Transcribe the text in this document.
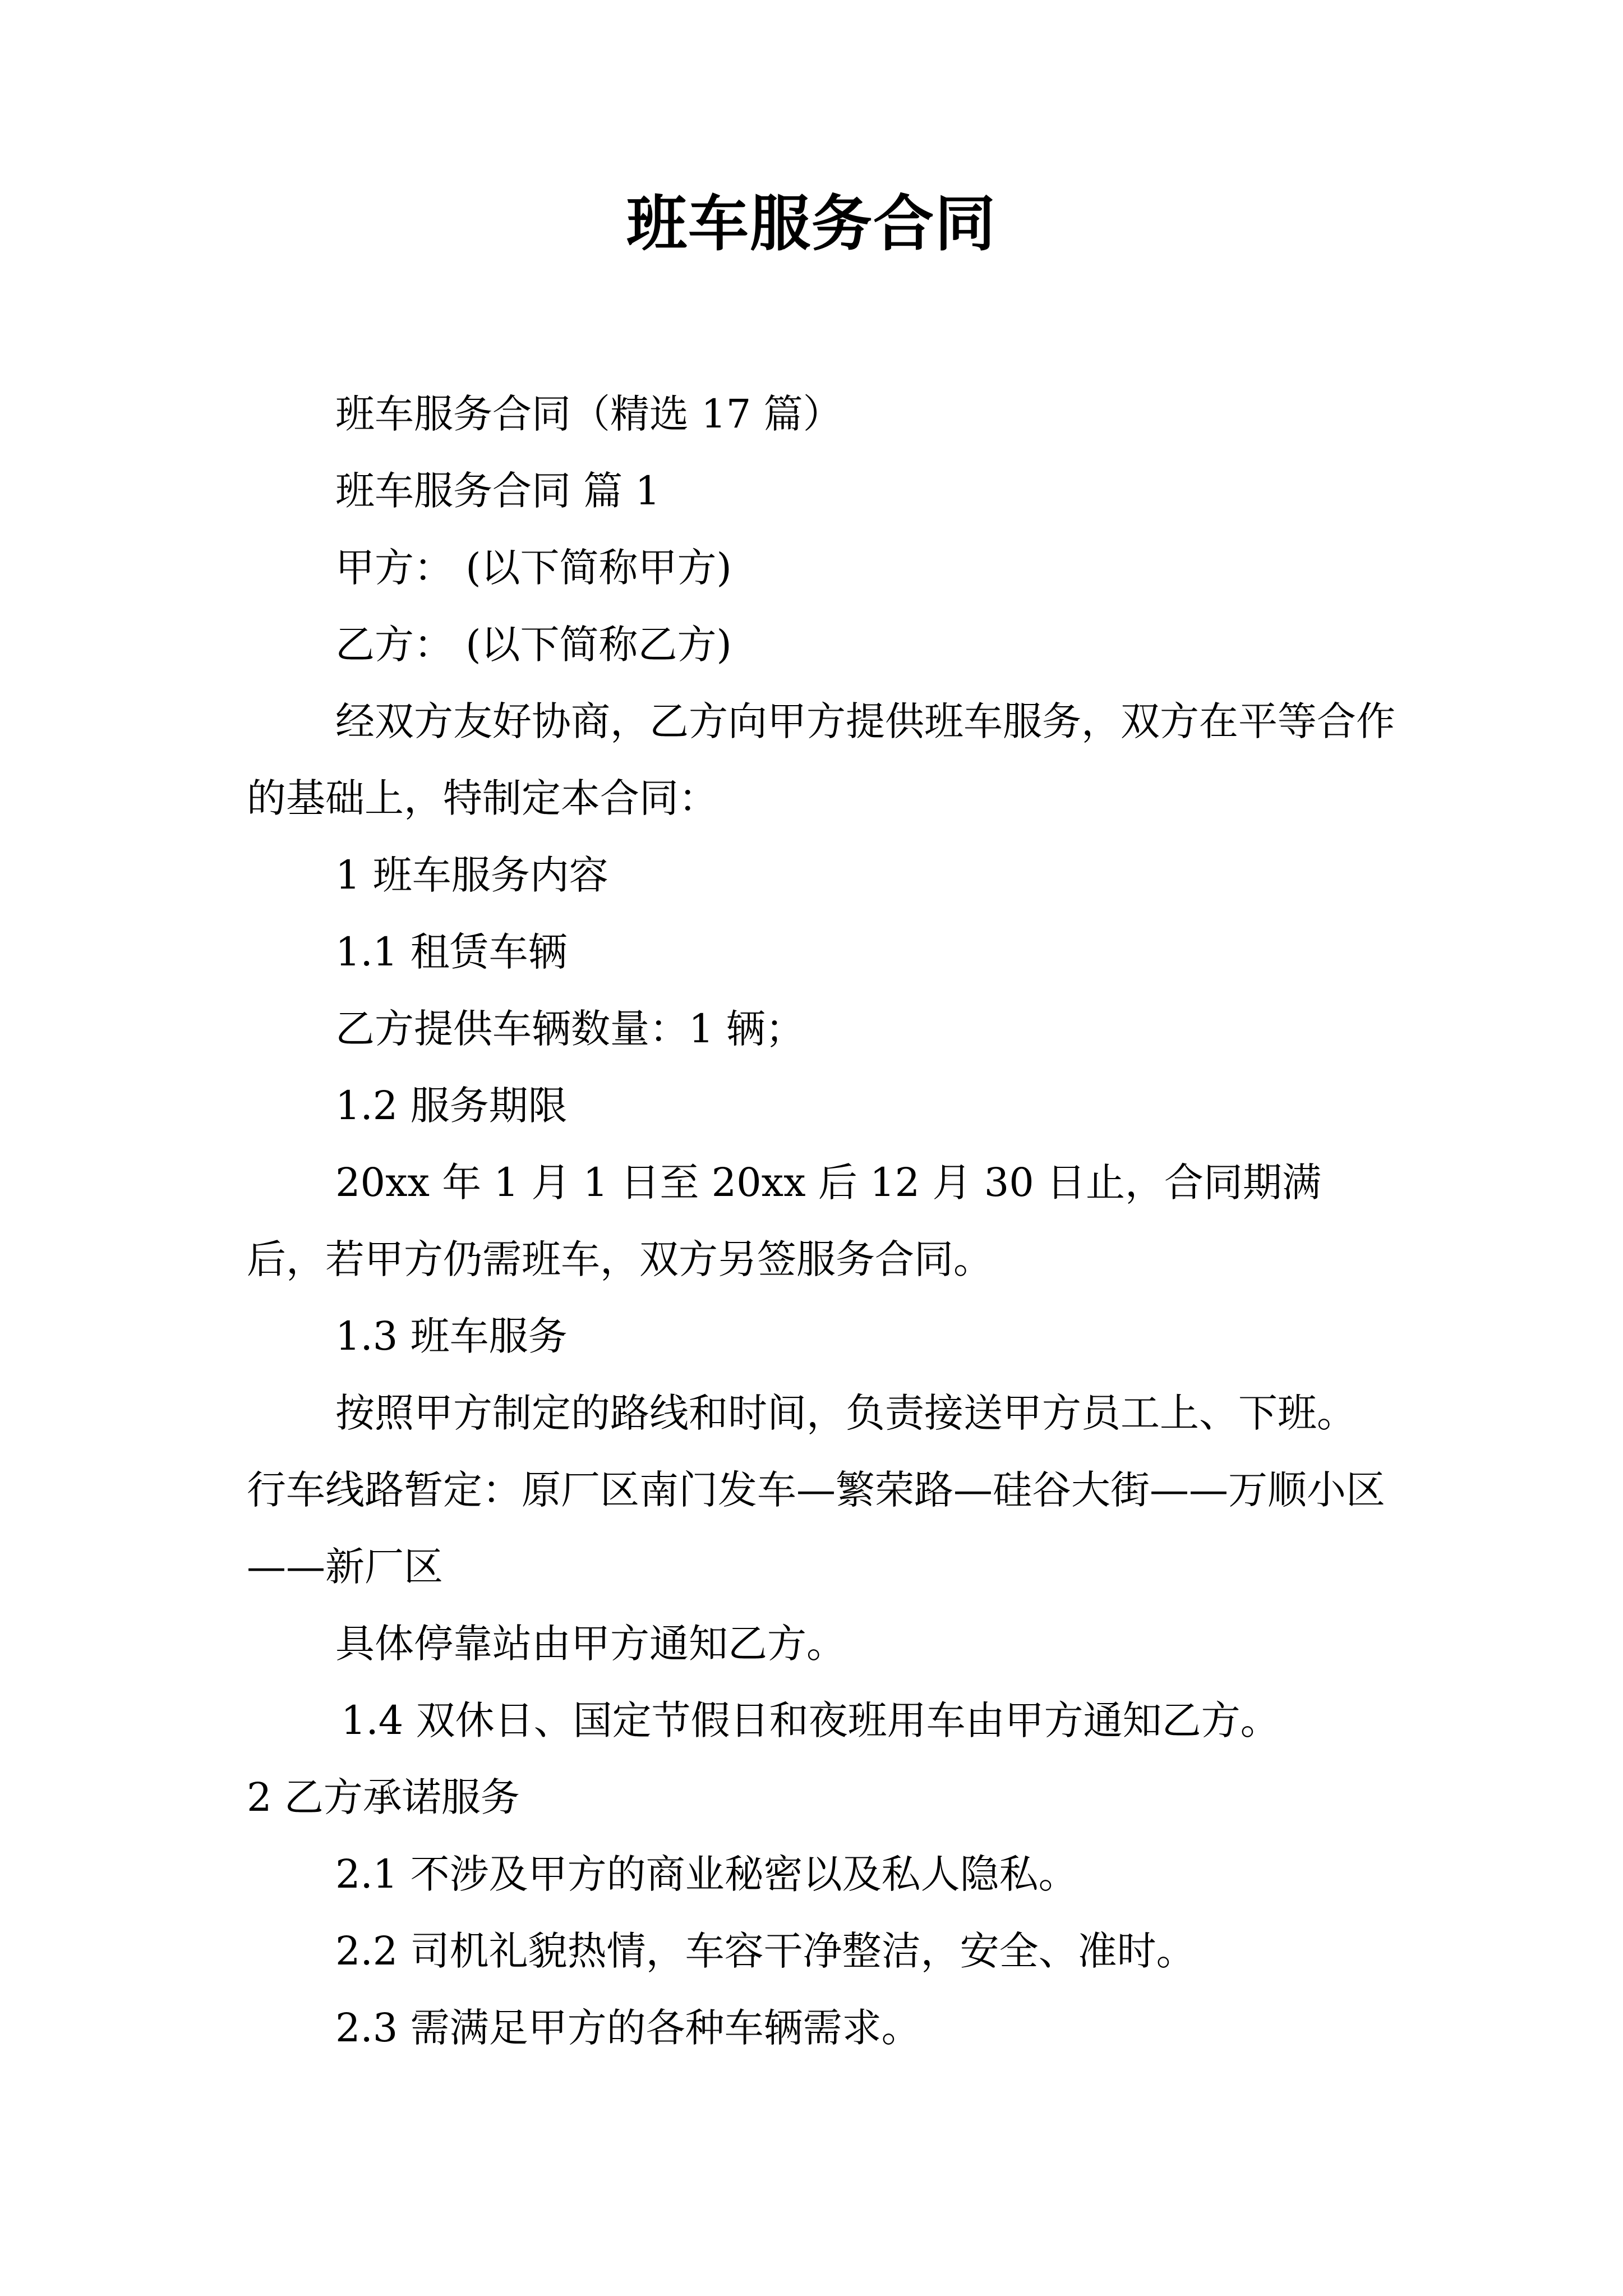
班车服务合同

班车服务合同（精选 17 篇）

班车服务合同 篇 1

甲方： (以下简称甲方)

乙方： (以下简称乙方)

经双方友好协商，乙方向甲方提供班车服务，双方在平等合作的基础上，特制定本合同：

1 班车服务内容

1.1 租赁车辆

乙方提供车辆数量：1 辆；

1.2 服务期限

20xx 年 1 月 1 日至 20xx 后 12 月 30 日止，合同期满后，若甲方仍需班车，双方另签服务合同。

1.3 班车服务

按照甲方制定的路线和时间，负责接送甲方员工上、下班。 行车线路暂定：原厂区南门发车—繁荣路—硅谷大街——万顺小区——新厂区

具体停靠站由甲方通知乙方。

1.4 双休日、国定节假日和夜班用车由甲方通知乙方。

2 乙方承诺服务

2.1 不涉及甲方的商业秘密以及私人隐私。

2.2 司机礼貌热情，车容干净整洁，安全、准时。

2.3 需满足甲方的各种车辆需求。
